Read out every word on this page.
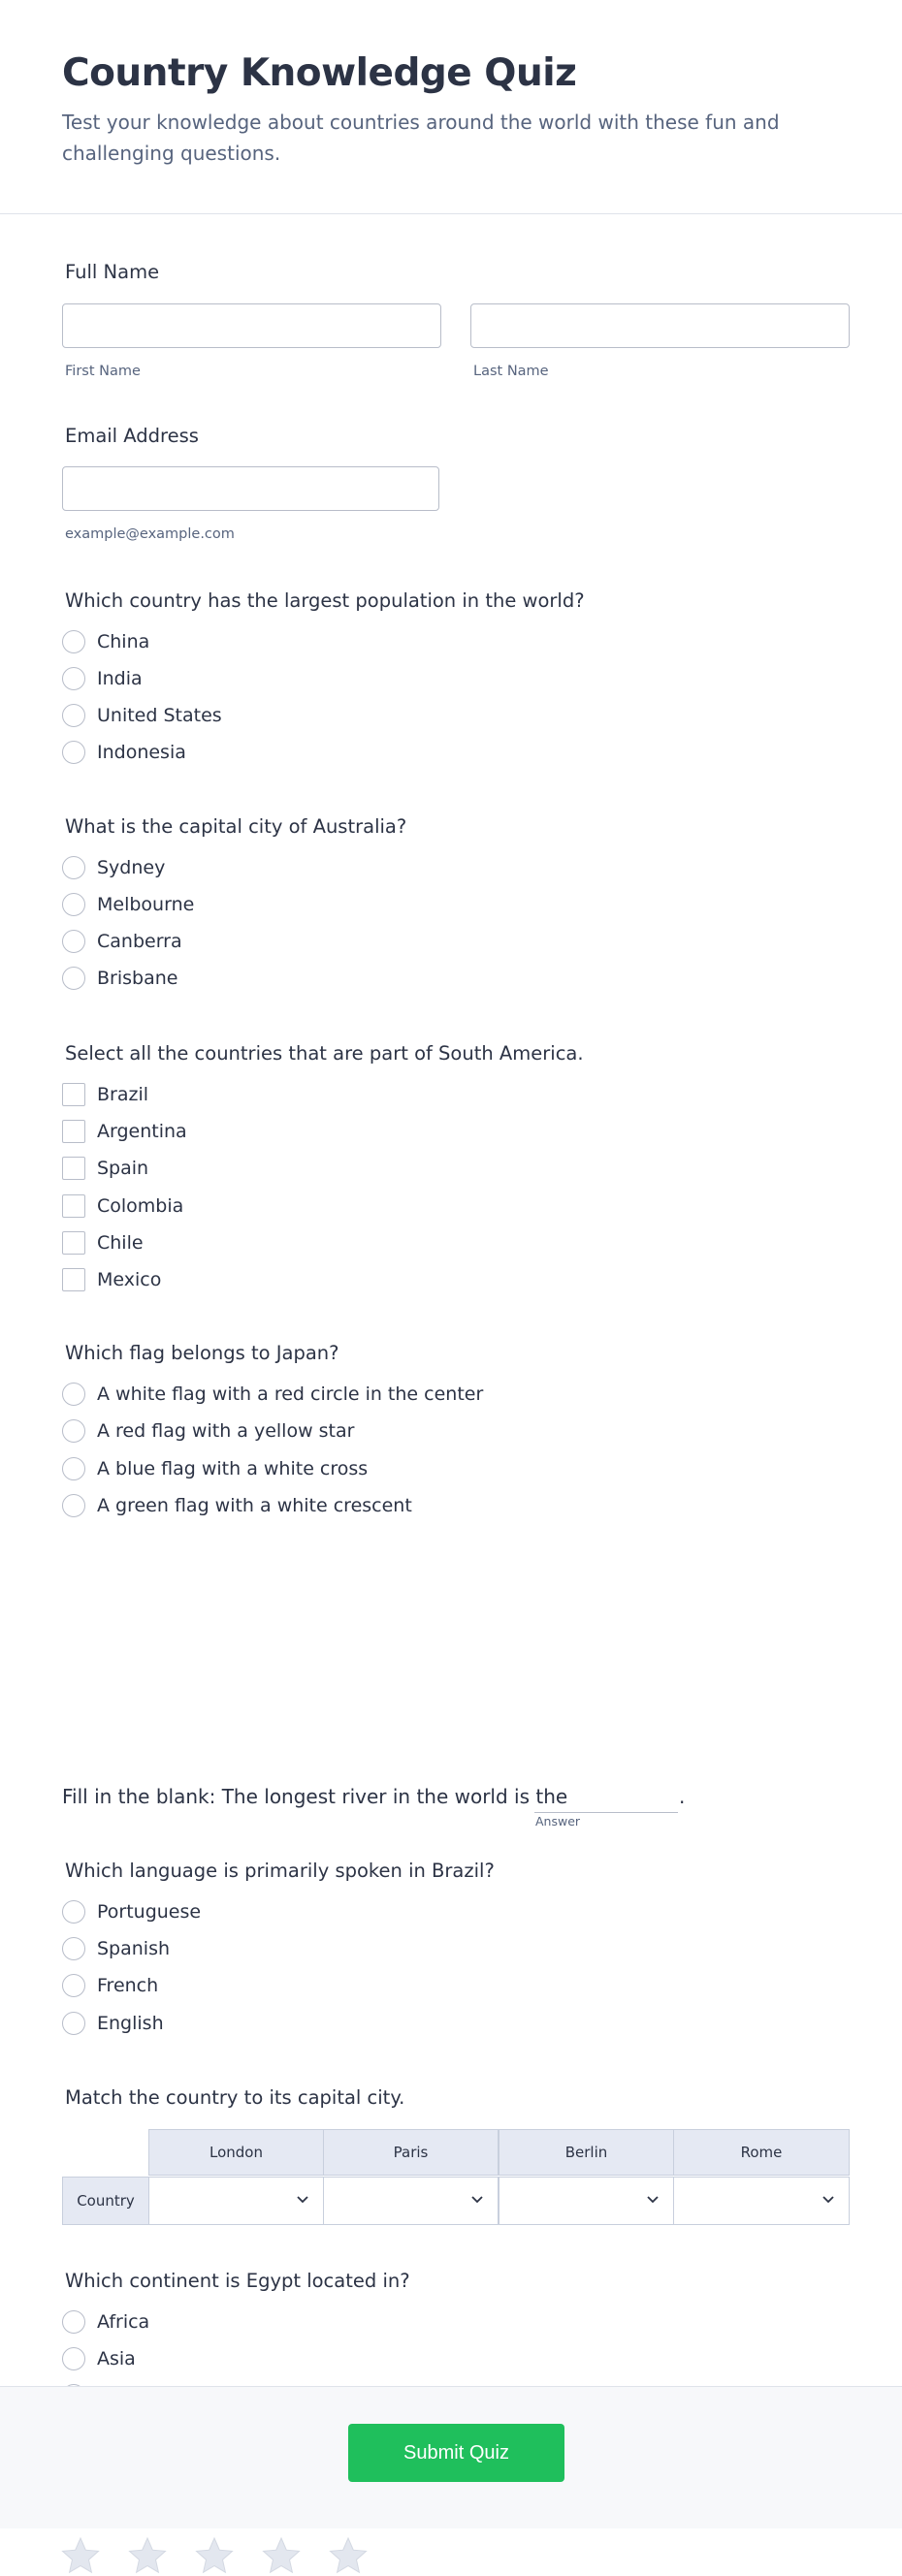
Country Knowledge Quiz
Test your knowledge about countries around the world with these fun and challenging questions.
Full Name
First Name	Last Name
Email Address
example@example.com
Which country has the largest population in the world?
China
India
United States
Indonesia
What is the capital city of Australia?
Sydney
Melbourne
Canberra
Brisbane
Select all the countries that are part of South America.
Brazil
Argentina
Spain
Colombia
Chile
Mexico
Which flag belongs to Japan?
A white flag with a red circle in the center
A red flag with a yellow star
A blue flag with a white cross
A green flag with a white crescent
Fill in the blank: The longest river in the world is the	.
Answer
Which language is primarily spoken in Brazil?
Portuguese
Spanish
French
English
Match the country to its capital city.
London	Paris	Berlin	Rome
Country
Which continent is Egypt located in?
Africa
Asia
Submit Quiz
